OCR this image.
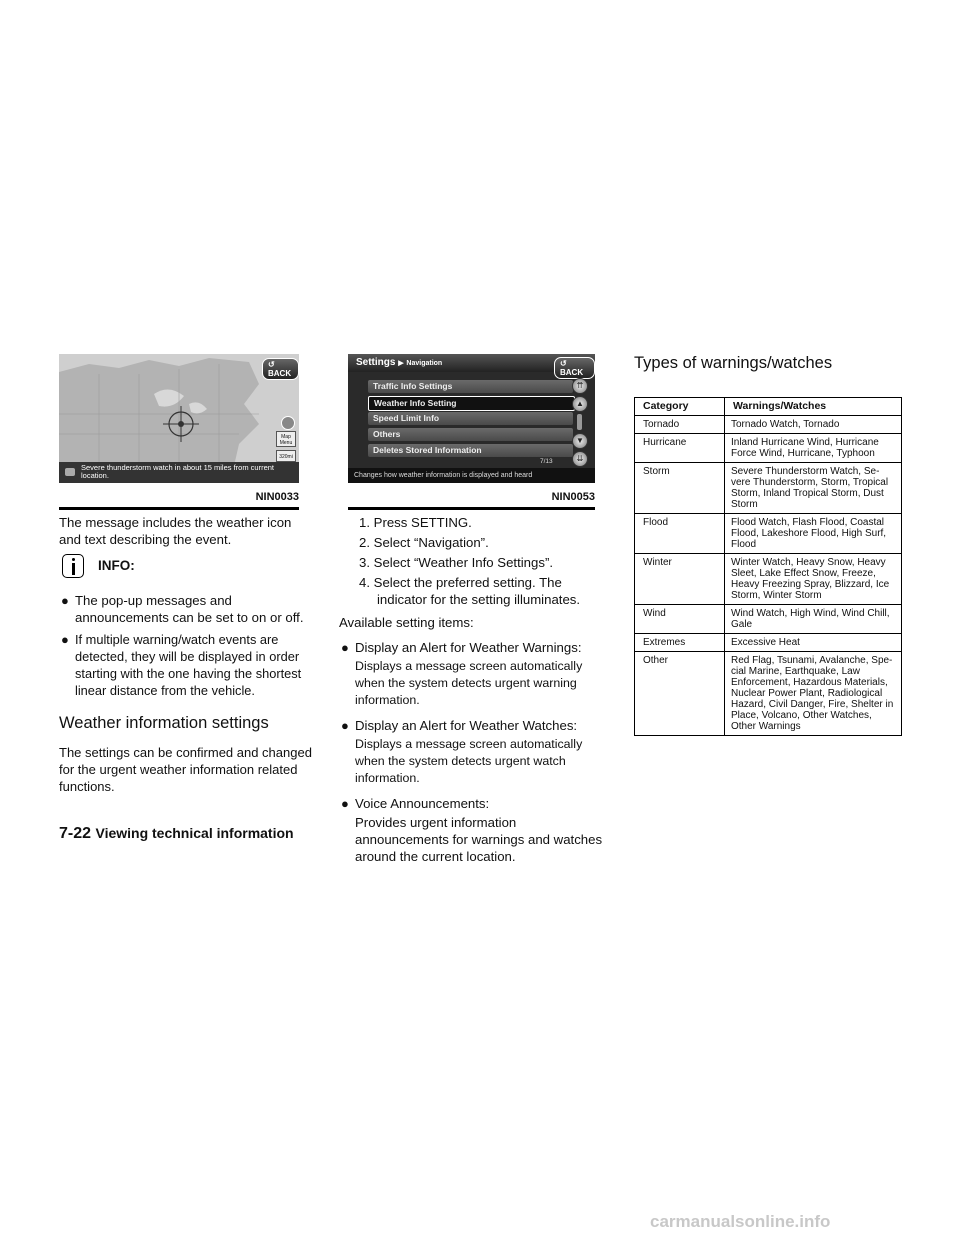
↺ BACK
Map Menu
320mi
Severe thunderstorm watch in about 15 miles from current location.
NIN0033
Settings ▶ Navigation	↺ BACK
Traffic Info Settings
Weather Info Setting
Speed Limit Info
Others
Deletes Stored Information
⇈
▲
▼
⇊
7/13
Changes how weather information is displayed and heard
NIN0053

The message includes the weather icon and text describing the event.

INFO:
● The pop-up messages and announcements can be set to on or off.
● If multiple warning/watch events are detected, they will be displayed in order starting with the one having the shortest linear distance from the vehicle.
Weather information settings

The settings can be confirmed and changed for the urgent weather information related functions.

1. Press SETTING.
2. Select “Navigation”.
3. Select “Weather Info Settings”.
4. Select the preferred setting. The indicator for the setting illuminates.

Available setting items:

● Display an Alert for Weather Warnings:
Displays a message screen automatically when the system detects urgent warning information.
● Display an Alert for Weather Watches:
Displays a message screen automatically when the system detects urgent watch information.
● Voice Announcements:
Provides urgent information announcements for warnings and watches around the current location.
Types of warnings/watches
Category	Warnings/Watches
Tornado	Tornado Watch, Tornado
Hurricane	Inland Hurricane Wind, Hurricane Force Wind, Hurricane, Typhoon
Storm	Severe Thunderstorm Watch, Se-vere Thunderstorm, Storm, Tropical Storm, Inland Tropical Storm, Dust Storm
Flood	Flood Watch, Flash Flood, Coastal Flood, Lakeshore Flood, High Surf, Flood
Winter	Winter Watch, Heavy Snow, Heavy Sleet, Lake Effect Snow, Freeze, Heavy Freezing Spray, Blizzard, Ice Storm, Winter Storm
Wind	Wind Watch, High Wind, Wind Chill, Gale
Extremes	Excessive Heat
Other	Red Flag, Tsunami, Avalanche, Spe-cial Marine, Earthquake, Law Enforcement, Hazardous Materials, Nuclear Power Plant, Radiological Hazard, Civil Danger, Fire, Shelter in Place, Volcano, Other Watches, Other Warnings
7-22 Viewing technical information
carmanualsonline.info
